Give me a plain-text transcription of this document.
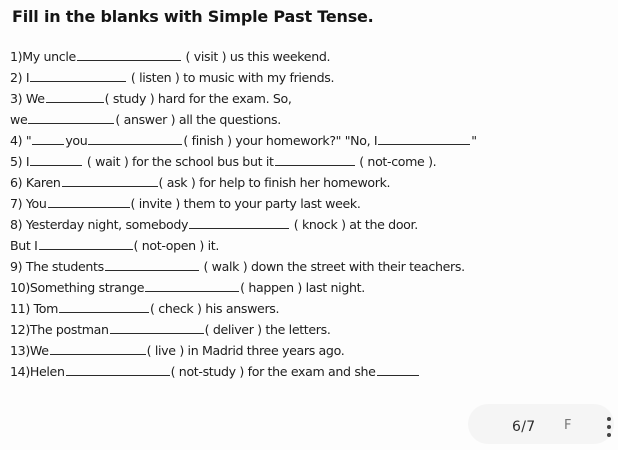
Fill in the blanks with Simple Past Tense.
1)My uncle	( visit ) us this weekend.
2) I	( listen ) to music with my friends.
3) We	( study ) hard for the exam. So,
we	( answer ) all the questions.
4) "	you	( finish ) your homework?" "No, I	"
5) I	( wait ) for the school bus but it	( not-come ).
6) Karen	( ask ) for help to finish her homework.
7) You	( invite ) them to your party last week.
8) Yesterday night, somebody	( knock ) at the door.
But I	( not-open ) it.
9) The students	( walk ) down the street with their teachers.
10)Something strange	( happen ) last night.
11) Tom	( check ) his answers.
12)The postman	( deliver ) the letters.
13)We	( live ) in Madrid three years ago.
14)Helen	( not-study ) for the exam and she
6/7 F
